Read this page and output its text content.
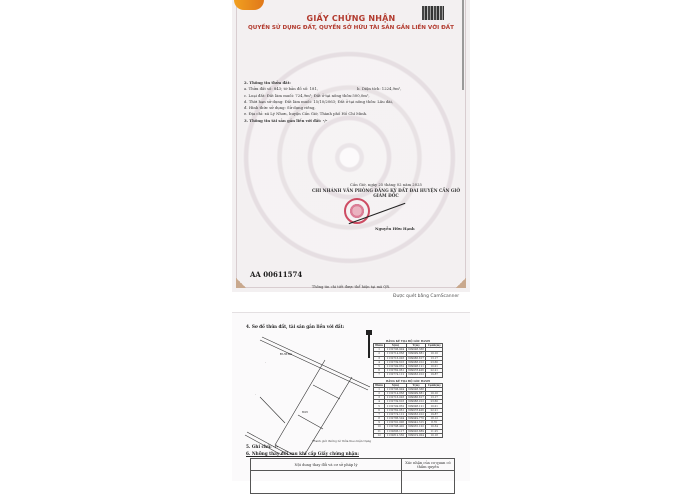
GIẤY CHỨNG NHẬN
QUYỀN SỬ DỤNG ĐẤT, QUYỀN SỞ HỮU TÀI SẢN GẮN LIỀN VỚI ĐẤT
2. Thông tin thửa đất:
a. Thửa đất số: 843; tờ bản đồ số: 181,
c. Loại đất: Đất làm muối: 724,9m²; Đất ở tại nông thôn:500,0m²,
d. Thời hạn sử dụng: Đất làm muối: 15/10/2063; Đất ở tại nông thôn: Lâu dài,
đ. Hình thức sử dụng: Sử dụng riêng,
e. Địa chỉ: xã Lý Nhơn, huyện Cần Giờ, Thành phố Hồ Chí Minh.
3. Thông tin tài sản gắn liền với đất: -/-
b. Diện tích: 1224,9m²,
Cần Giờ, ngày 25 tháng 02 năm 2025
CHI NHÁNH VĂN PHÒNG ĐĂNG KÝ ĐẤT ĐAI HUYỆN CẦN GIỜ
GIÁM ĐỐC
Nguyễn Hữu Hạnh
AA 00611574
Thông tin chi tiết được thể hiện tại mã QR.
Được quét bằng CamScanner
4. Sơ đồ thửa đất, tài sản gắn liền với đất:
ĐƯỜNG
.
843
.
BẢNG KÊ TỌA ĐỘ GÓC RANH
Điểm	X(m)	Y(m)	Cạnh(m)
1	1132706.904	609998.368	
2	1132714.858	609999.881	10.10
3	1132716.003	609986.817	13.17
4	1132739.616	609988.012	23.60
5	1132749.832	609998.121	10.01
6	1132762.061	609978.406	22.21
7	1132774.112	609963.012	19.87
BẢNG KÊ TỌA ĐỘ GÓC RANH
Điểm	X(m)	Y(m)	Cạnh(m)
1	1132706.904	609998.368	
2	1132714.858	609999.881	10.10
3	1132716.003	609986.817	13.17
4	1132739.616	609988.012	23.60
5	1132749.832	609998.121	10.01
6	1132762.061	609978.406	22.21
7	1132774.112	609963.012	19.87
8	1132786.504	609949.770	18.12
9	1132791.006	609942.315	8.70
10	1132798.420	609935.102	10.34
11	1132806.117	609926.889	11.25
12	1132812.550	609919.004	10.18
*Ranh giới đường bờ thửa theo hiện trạng
5. Ghi chú: -/-
6. Những thay đổi sau khi cấp Giấy chứng nhận:
Nội dung thay đổi và cơ sở pháp lý	Xác nhận của cơ quan có thẩm quyền
